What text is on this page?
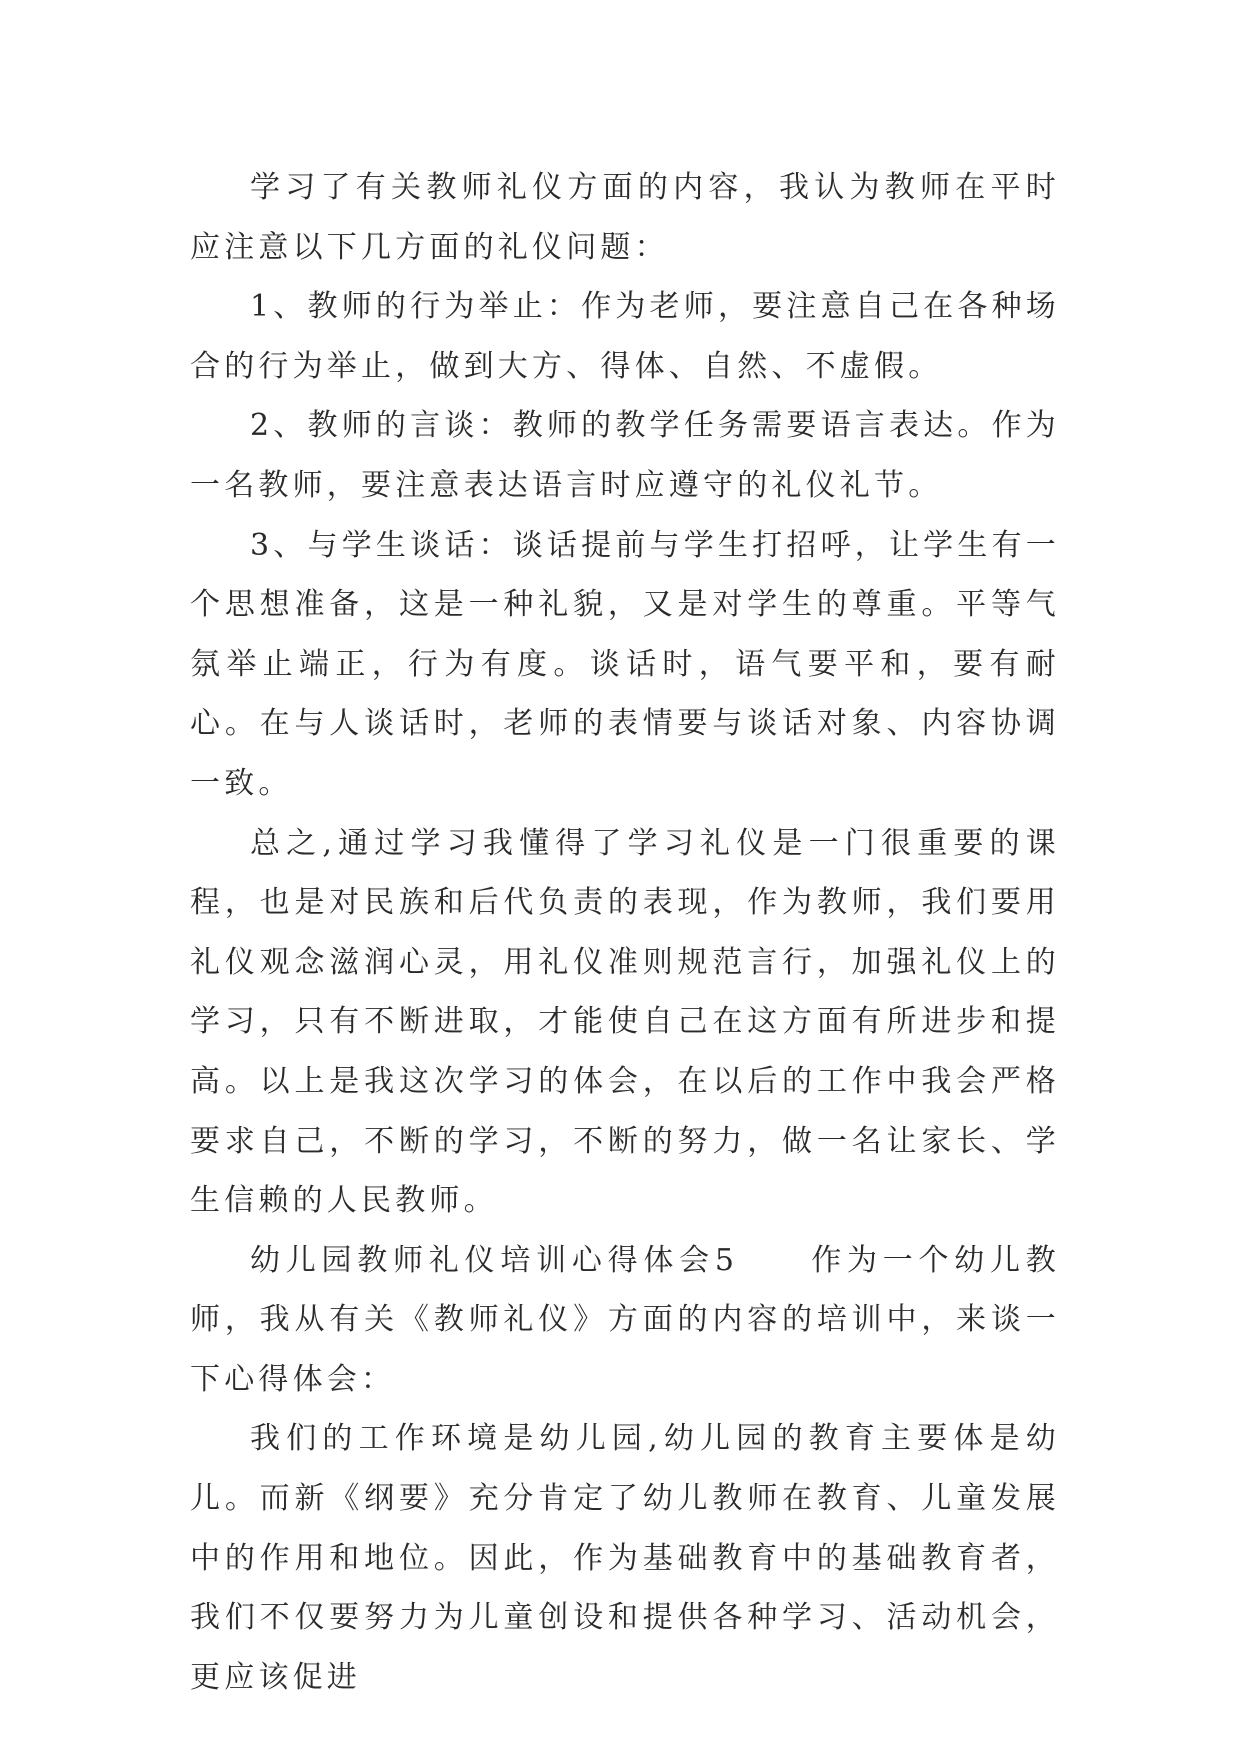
学习了有关教师礼仪方面的内容，我认为教师在平时应注意以下几方面的礼仪问题：

1、教师的行为举止：作为老师，要注意自己在各种场合的行为举止，做到大方、得体、自然、不虚假。

2、教师的言谈：教师的教学任务需要语言表达。作为一名教师，要注意表达语言时应遵守的礼仪礼节。

3、与学生谈话：谈话提前与学生打招呼，让学生有一个思想准备，这是一种礼貌，又是对学生的尊重。平等气氛举止端正，行为有度。谈话时，语气要平和，要有耐心。在与人谈话时，老师的表情要与谈话对象、内容协调一致。

总之,通过学习我懂得了学习礼仪是一门很重要的课程，也是对民族和后代负责的表现，作为教师，我们要用礼仪观念滋润心灵，用礼仪准则规范言行，加强礼仪上的学习，只有不断进取，才能使自己在这方面有所进步和提高。以上是我这次学习的体会，在以后的工作中我会严格要求自己，不断的学习，不断的努力，做一名让家长、学生信赖的人民教师。

幼儿园教师礼仪培训心得体会5　　作为一个幼儿教师，我从有关《教师礼仪》方面的内容的培训中，来谈一下心得体会：

我们的工作环境是幼儿园,幼儿园的教育主要体是幼儿。而新《纲要》充分肯定了幼儿教师在教育、儿童发展中的作用和地位。因此，作为基础教育中的基础教育者，我们不仅要努力为儿童创设和提供各种学习、活动机会，更应该促进
